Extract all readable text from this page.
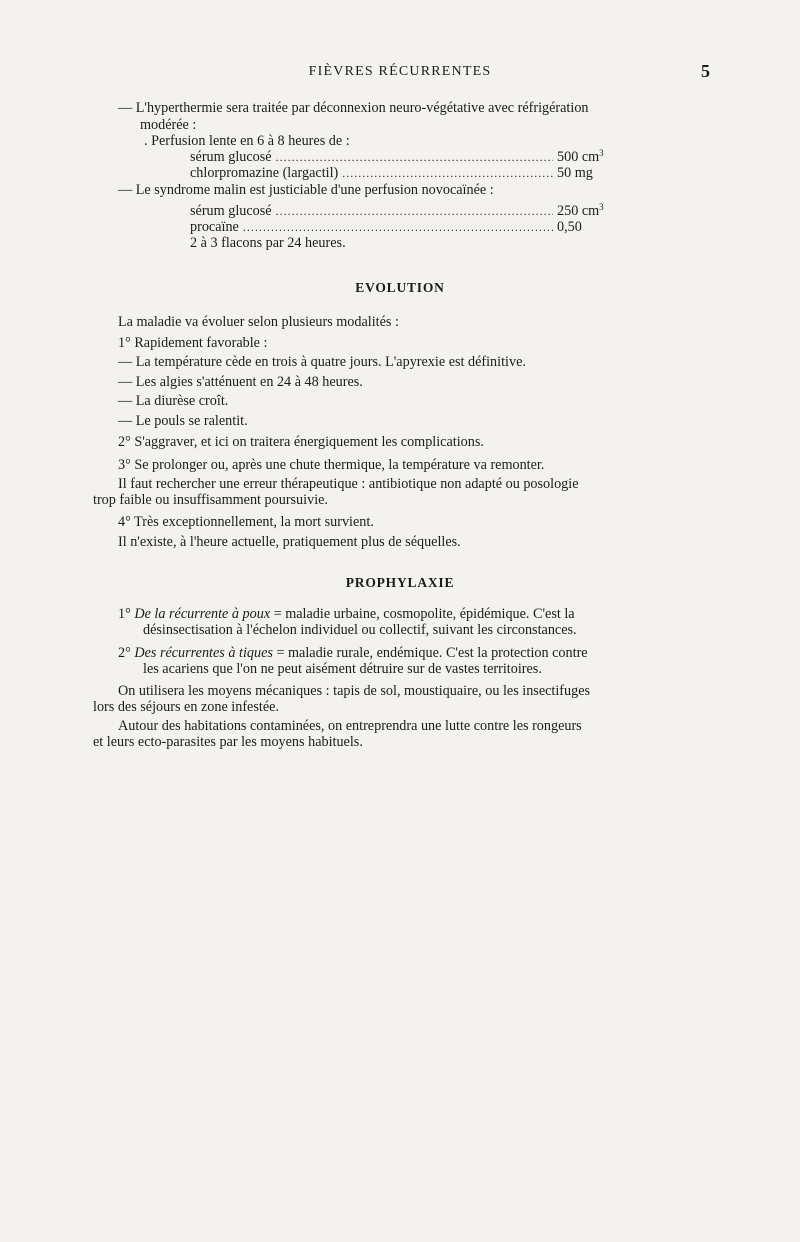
FIÈVRES RÉCURRENTES	5
— L'hyperthermie sera traitée par déconnexion neuro-végétative avec réfrigération
modérée :
. Perfusion lente en 6 à 8 heures de :
sérum glucosé .....	500 $cm^3$
chlorpromazine (largactil) .....	50 mg
— Le syndrome malin est justiciable d'une perfusion novocaïnée :
sérum glucosé .....	250 $cm^3$
procaïne .....	0,50
2 à 3 flacons par 24 heures.
EVOLUTION
La maladie va évoluer selon plusieurs modalités :
1° Rapidement favorable :
— La température cède en trois à quatre jours. L'apyrexie est définitive.
— Les algies s'atténuent en 24 à 48 heures.
— La diurèse croît.
— Le pouls se ralentit.
2° S'aggraver, et ici on traitera énergiquement les complications.
3° Se prolonger ou, après une chute thermique, la température va remonter.
Il faut rechercher une erreur thérapeutique : antibiotique non adapté ou posologie
trop faible ou insuffisamment poursuivie.
4° Très exceptionnellement, la mort survient.
Il n'existe, à l'heure actuelle, pratiquement plus de séquelles.
PROPHYLAXIE
1° De la récurrente à poux = maladie urbaine, cosmopolite, épidémique. C'est la
désinsectisation à l'échelon individuel ou collectif, suivant les circonstances.
2° Des récurrentes à tiques = maladie rurale, endémique. C'est la protection contre
les acariens que l'on ne peut aisément détruire sur de vastes territoires.
On utilisera les moyens mécaniques : tapis de sol, moustiquaire, ou les insectifuges
lors des séjours en zone infestée.
Autour des habitations contaminées, on entreprendra une lutte contre les rongeurs
et leurs ecto-parasites par les moyens habituels.
